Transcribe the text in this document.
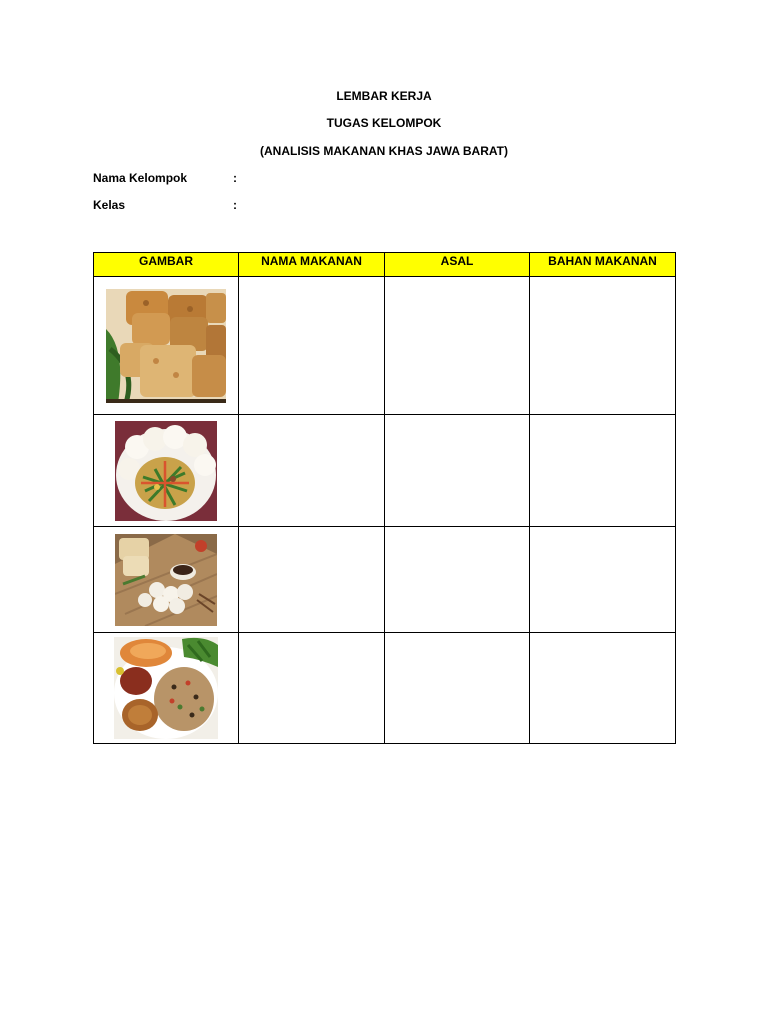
LEMBAR KERJA
TUGAS KELOMPOK
(ANALISIS MAKANAN KHAS JAWA BARAT)
Nama Kelompok	:
Kelas	:
GAMBAR	NAMA MAKANAN	ASAL	BAHAN MAKANAN
